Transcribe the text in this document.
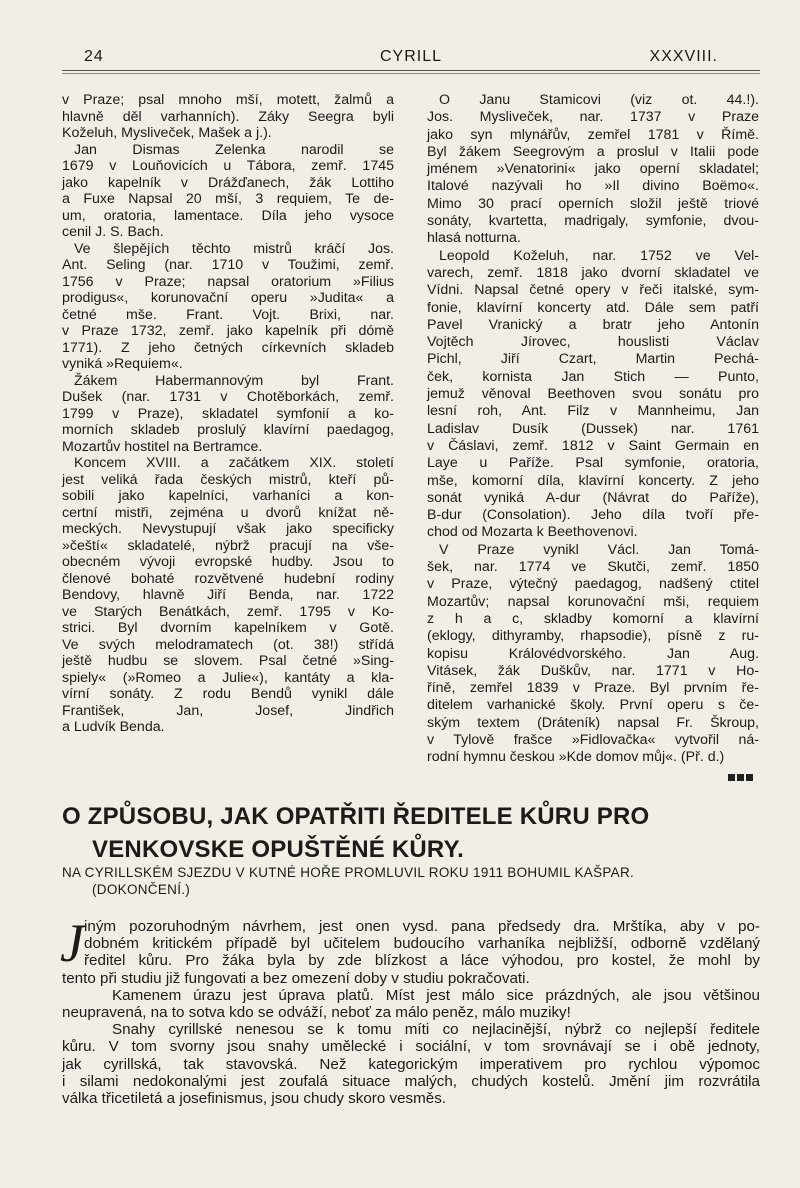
24	CYRILL	XXXVIII.
v Praze; psal mnoho mší, motett, žalmů a
hlavně děl varhanních). Záky Seegra byli
Koželuh, Mysliveček, Mašek a j.).
Jan Dismas Zelenka narodil se
1679 v Louňovicích u Tábora, zemř. 1745
jako kapelník v Drážďanech, žák Lottiho
a Fuxe Napsal 20 mší, 3 requiem, Te de-
um, oratoria, lamentace. Díla jeho vysoce
cenil J. S. Bach.
Ve šlepějích těchto mistrů kráčí Jos.
Ant. Seling (nar. 1710 v Toužimi, zemř.
1756 v Praze; napsal oratorium »Filius
prodigus«, korunovační operu »Judita« a
četné mše. Frant. Vojt. Brixi, nar.
v Praze 1732, zemř. jako kapelník při dómě
1771). Z jeho četných církevních skladeb
vyniká »Requiem«.
Žákem Habermannovým byl Frant.
Dušek (nar. 1731 v Chotěborkách, zemř.
1799 v Praze), skladatel symfonií a ko-
morních skladeb proslulý klavírní paedagog,
Mozartův hostitel na Bertramce.
Koncem XVIII. a začátkem XIX. století
jest veliká řada českých mistrů, kteří pů-
sobili jako kapelníci, varhaníci a kon-
certní mistři, zejména u dvorů knížat ně-
meckých. Nevystupují však jako specificky
»čeští« skladatelé, nýbrž pracují na vše-
obecném vývoji evropské hudby. Jsou to
členové bohaté rozvětvené hudební rodiny
Bendovy, hlavně Jiří Benda, nar. 1722
ve Starých Benátkách, zemř. 1795 v Ko-
strici. Byl dvorním kapelníkem v Gotě.
Ve svých melodramatech (ot. 38!) střídá
ještě hudbu se slovem. Psal četné »Sing-
spiely« (»Romeo a Julie«), kantáty a kla-
vírní sonáty. Z rodu Bendů vynikl dále
František, Jan, Josef, Jindřich
a Ludvík Benda.
O Janu Stamicovi (viz ot. 44.!).
Jos. Mysliveček, nar. 1737 v Praze
jako syn mlynářův, zemřel 1781 v Římě.
Byl žákem Seegrovým a proslul v Italii pode
jménem »Venatorini« jako operní skladatel;
Italové nazývali ho »Il divino Boëmo«.
Mimo 30 prací operních složil ještě triové
sonáty, kvartetta, madrigaly, symfonie, dvou-
hlasá notturna.
Leopold Koželuh, nar. 1752 ve Vel-
varech, zemř. 1818 jako dvorní skladatel ve
Vídni. Napsal četné opery v řeči italské, sym-
fonie, klavírní koncerty atd. Dále sem patří
Pavel Vranický a bratr jeho Antonín
Vojtěch Jírovec, houslisti Václav
Pichl, Jiří Czart, Martin Pechá-
ček, kornista Jan Stich — Punto,
jemuž věnoval Beethoven svou sonátu pro
lesní roh, Ant. Filz v Mannheimu, Jan
Ladislav Dusík (Dussek) nar. 1761
v Čáslavi, zemř. 1812 v Saint Germain en
Laye u Paříže. Psal symfonie, oratoria,
mše, komorní díla, klavírní koncerty. Z jeho
sonát vyniká A-dur (Návrat do Paříže),
B-dur (Consolation). Jeho díla tvoří pře-
chod od Mozarta k Beethovenovi.
V Praze vynikl Václ. Jan Tomá-
šek, nar. 1774 ve Skutči, zemř. 1850
v Praze, výtečný paedagog, nadšený ctitel
Mozartův; napsal korunovační mši, requiem
z h a c, skladby komorní a klavírní
(eklogy, dithyramby, rhapsodie), písně z ru-
kopisu Královédvorského. Jan Aug.
Vitásek, žák Duškův, nar. 1771 v Ho-
říně, zemřel 1839 v Praze. Byl prvním ře-
ditelem varhanické školy. První operu s če-
ským textem (Dráteník) napsal Fr. Škroup,
v Tylově frašce »Fidlovačka« vytvořil ná-
rodní hymnu českou »Kde domov můj«. (Př. d.)
O ZPŮSOBU, JAK OPATŘITI ŘEDITELE KŮRU PRO
VENKOVSKE OPUŠTĚNÉ KŮRY.
NA CYRILLSKÉM SJEZDU V KUTNÉ HOŘE PROMLUVIL ROKU 1911 BOHUMIL KAŠPAR.
(DOKONČENÍ.)
J iným pozoruhodným návrhem, jest onen vysd. pana předsedy dra. Mrštíka, aby v po-
dobném kritickém případě byl učitelem budoucího varhaníka nejbližší, odborně vzdělaný
ředitel kůru. Pro žáka byla by zde blízkost a láce výhodou, pro kostel, že mohl by
tento při studiu již fungovati a bez omezení doby v studiu pokračovati.
Kamenem úrazu jest úprava platů. Míst jest málo sice prázdných, ale jsou většinou
neupravená, na to sotva kdo se odváží, neboť za málo peněz, málo muziky!
Snahy cyrillské nenesou se k tomu míti co nejlacinější, nýbrž co nejlepší ředitele
kůru. V tom svorny jsou snahy umělecké i sociální, v tom srovnávají se i obě jednoty,
jak cyrillská, tak stavovská. Než kategorickým imperativem pro rychlou výpomoc
i silami nedokonalými jest zoufalá situace malých, chudých kostelů. Jmění jim rozvrátila
válka třicetiletá a josefinismus, jsou chudy skoro vesměs.
